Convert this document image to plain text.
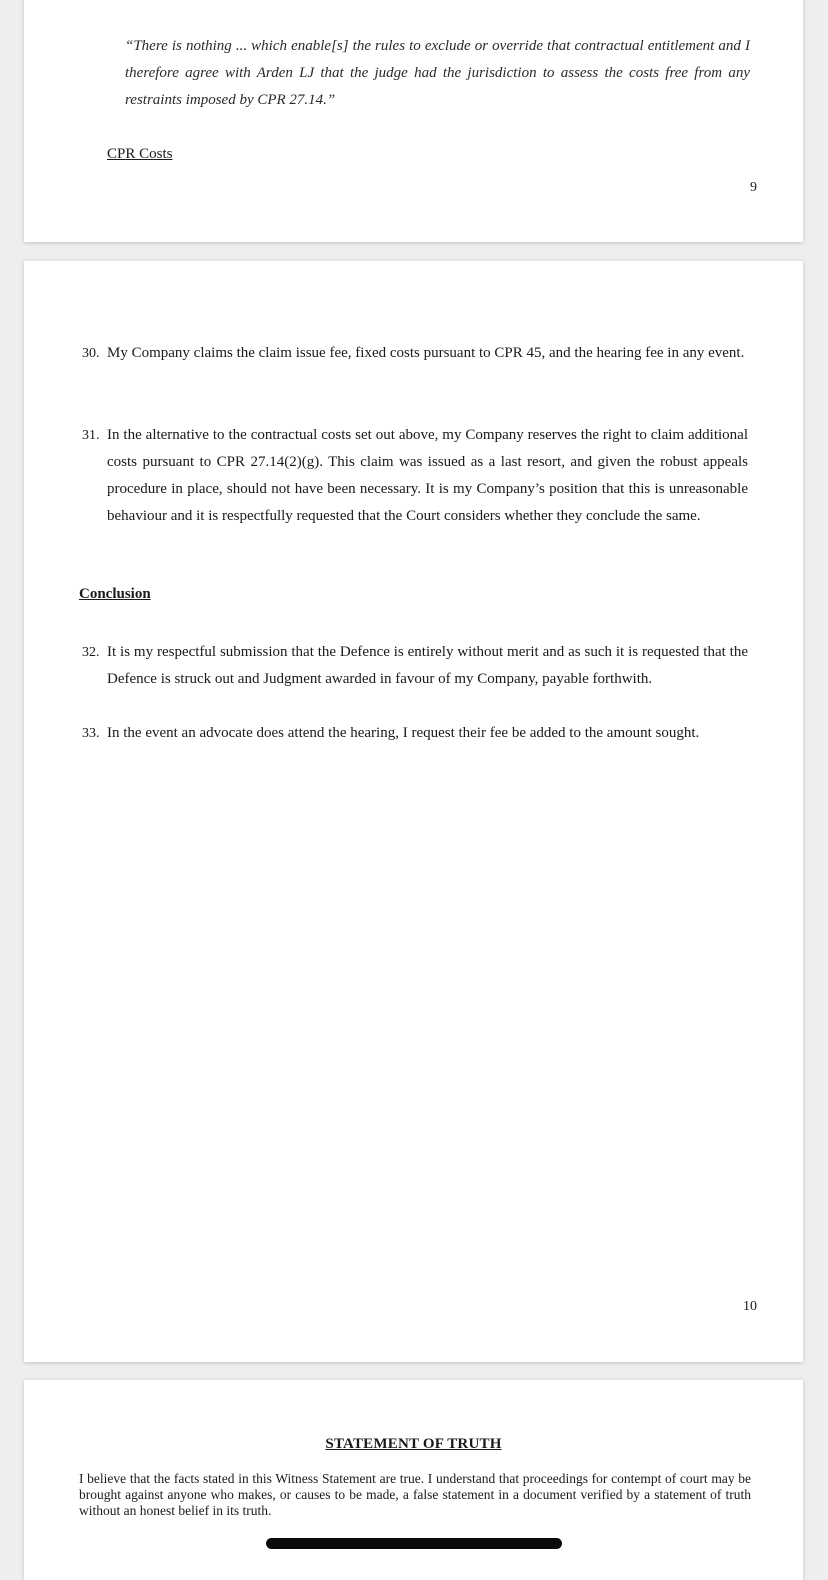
“There is nothing ... which enable[s] the rules to exclude or override that contractual entitlement and I therefore agree with Arden LJ that the judge had the jurisdiction to assess the costs free from any restraints imposed by CPR 27.14.”
CPR Costs
9
30. My Company claims the claim issue fee, fixed costs pursuant to CPR 45, and the hearing fee in any event.
31. In the alternative to the contractual costs set out above, my Company reserves the right to claim additional costs pursuant to CPR 27.14(2)(g). This claim was issued as a last resort, and given the robust appeals procedure in place, should not have been necessary. It is my Company’s position that this is unreasonable behaviour and it is respectfully requested that the Court considers whether they conclude the same.
Conclusion
32. It is my respectful submission that the Defence is entirely without merit and as such it is requested that the Defence is struck out and Judgment awarded in favour of my Company, payable forthwith.
33. In the event an advocate does attend the hearing, I request their fee be added to the amount sought.
10
STATEMENT OF TRUTH
I believe that the facts stated in this Witness Statement are true. I understand that proceedings for contempt of court may be brought against anyone who makes, or causes to be made, a false statement in a document verified by a statement of truth without an honest belief in its truth.
